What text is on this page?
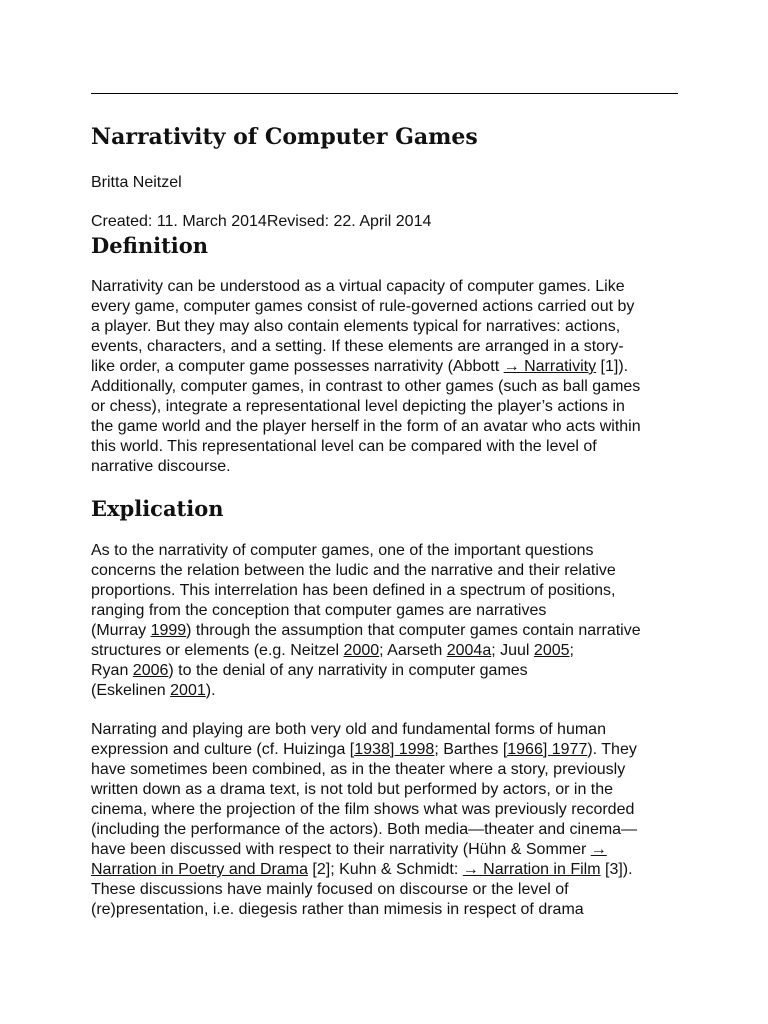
Narrativity of Computer Games
Britta Neitzel
Created: 11. March 2014Revised: 22. April 2014
Definition
Narrativity can be understood as a virtual capacity of computer games. Like
every game, computer games consist of rule-governed actions carried out by
a player. But they may also contain elements typical for narratives: actions,
events, characters, and a setting. If these elements are arranged in a story-
like order, a computer game possesses narrativity (Abbott → Narrativity [1]).
Additionally, computer games, in contrast to other games (such as ball games
or chess), integrate a representational level depicting the player’s actions in
the game world and the player herself in the form of an avatar who acts within
this world. This representational level can be compared with the level of
narrative discourse.
Explication
As to the narrativity of computer games, one of the important questions
concerns the relation between the ludic and the narrative and their relative
proportions. This interrelation has been defined in a spectrum of positions,
ranging from the conception that computer games are narratives
(Murray 1999) through the assumption that computer games contain narrative
structures or elements (e.g. Neitzel 2000; Aarseth 2004a; Juul 2005;
Ryan 2006) to the denial of any narrativity in computer games
(Eskelinen 2001).
Narrating and playing are both very old and fundamental forms of human
expression and culture (cf. Huizinga [1938] 1998; Barthes [1966] 1977). They
have sometimes been combined, as in the theater where a story, previously
written down as a drama text, is not told but performed by actors, or in the
cinema, where the projection of the film shows what was previously recorded
(including the performance of the actors). Both media—theater and cinema—
have been discussed with respect to their narrativity (Hühn & Sommer →
Narration in Poetry and Drama [2]; Kuhn & Schmidt: → Narration in Film [3]).
These discussions have mainly focused on discourse or the level of
(re)presentation, i.e. diegesis rather than mimesis in respect of drama
